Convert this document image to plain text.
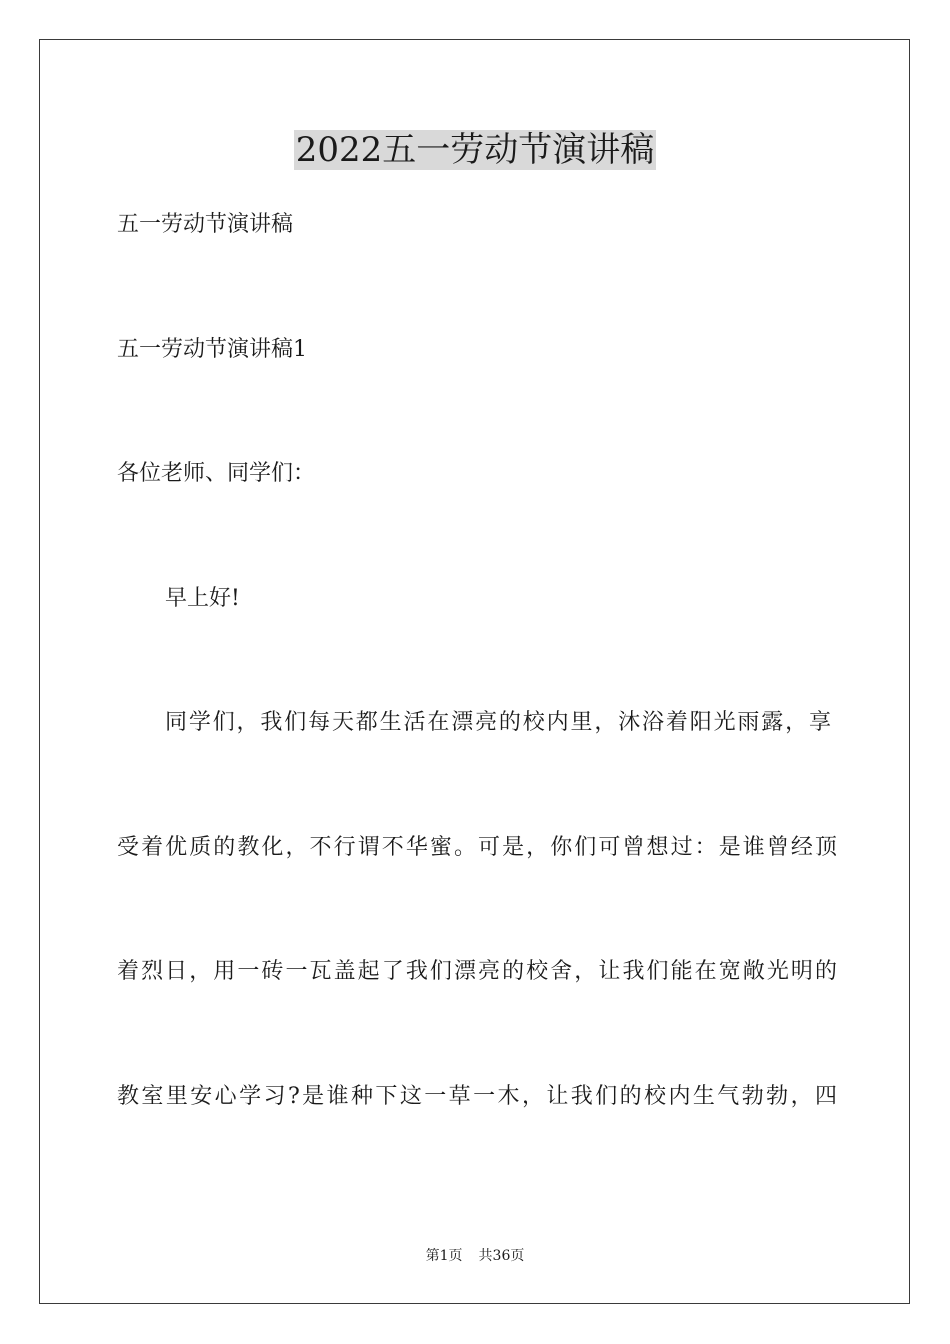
2022五一劳动节演讲稿

五一劳动节演讲稿

五一劳动节演讲稿1

各位老师、同学们：

早上好!

同学们，我们每天都生活在漂亮的校内里，沐浴着阳光雨露，享

受着优质的教化，不行谓不华蜜。可是，你们可曾想过：是谁曾经顶

着烈日，用一砖一瓦盖起了我们漂亮的校舍，让我们能在宽敞光明的

教室里安心学习?是谁种下这一草一木，让我们的校内生气勃勃，四

第1页 共36页
